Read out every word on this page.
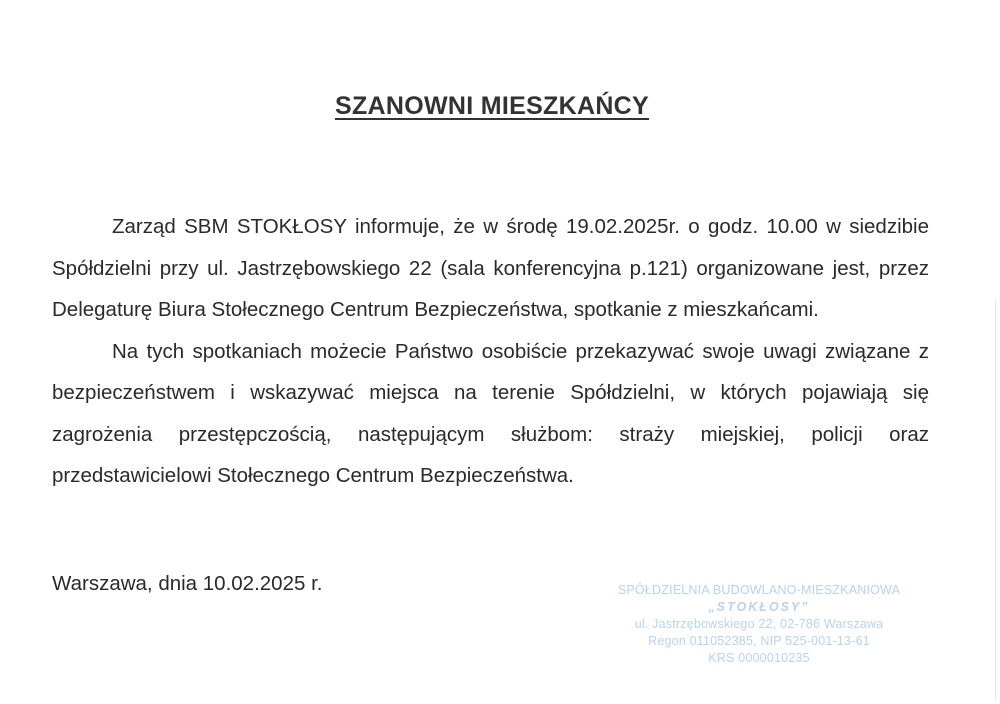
SZANOWNI MIESZKAŃCY

Zarząd SBM STOKŁOSY informuje, że w środę 19.02.2025r. o godz. 10.00 w siedzibie Spółdzielni przy ul. Jastrzębowskiego 22 (sala konferencyjna p.121) organizowane jest, przez Delegaturę Biura Stołecznego Centrum Bezpieczeństwa, spotkanie z mieszkańcami.

Na tych spotkaniach możecie Państwo osobiście przekazywać swoje uwagi związane z bezpieczeństwem i wskazywać miejsca na terenie Spółdzielni, w których pojawiają się zagrożenia przestępczością, następującym służbom: straży miejskiej, policji oraz przedstawicielowi Stołecznego Centrum Bezpieczeństwa.

Warszawa, dnia 10.02.2025 r.	SPÓŁDZIELNIA BUDOWLANO-MIESZKANIOWA
„STOKŁOSY”
ul. Jastrzębowskiego 22, 02-786 Warszawa
Regon 011052385, NIP 525-001-13-61
KRS 0000010235
